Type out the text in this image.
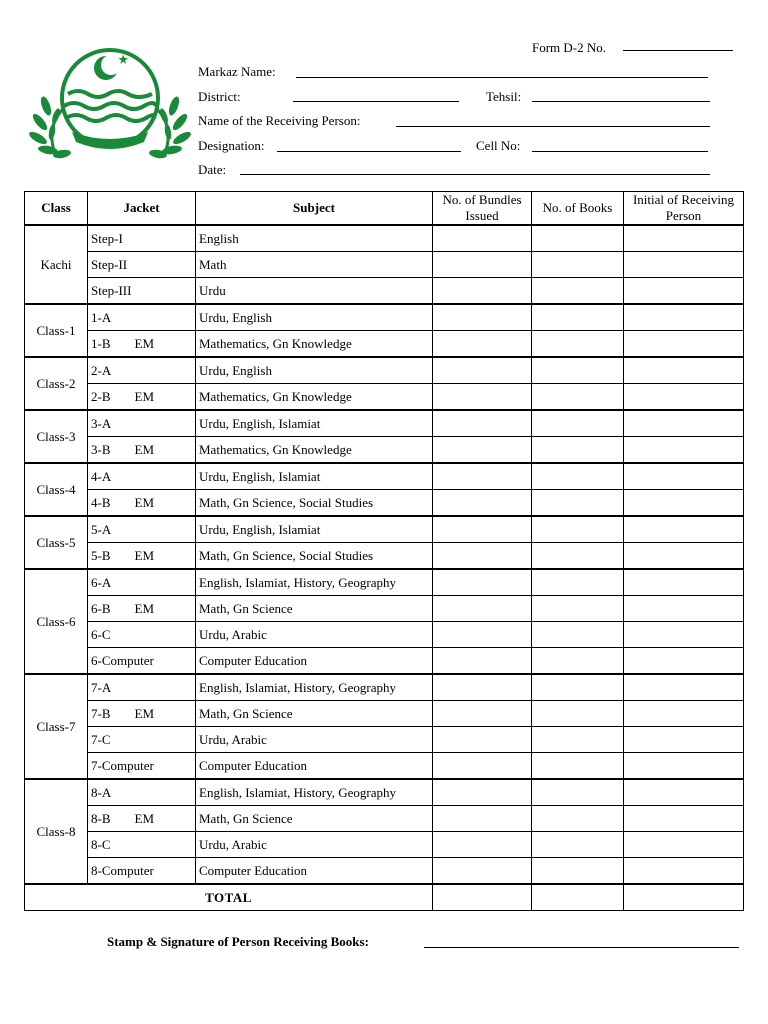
Form D-2 No.
Markaz Name:
District:	Tehsil:
Name of the Receiving Person:
Designation:	Cell No:
Date:
Class	Jacket	Subject	No. of Bundles Issued	No. of Books	Initial of Receiving Person
Kachi	Step-I	English			
	Step-II	Math			
	Step-III	Urdu			
Class-1	1-A	Urdu, English			
	1-B EM	Mathematics, Gn Knowledge			
Class-2	2-A	Urdu, English			
	2-B EM	Mathematics, Gn Knowledge			
Class-3	3-A	Urdu, English, Islamiat			
	3-B EM	Mathematics, Gn Knowledge			
Class-4	4-A	Urdu, English, Islamiat			
	4-B EM	Math, Gn Science, Social Studies			
Class-5	5-A	Urdu, English, Islamiat			
	5-B EM	Math, Gn Science, Social Studies			
Class-6	6-A	English, Islamiat, History, Geography			
	6-B EM	Math, Gn Science			
	6-C	Urdu, Arabic			
	6-Computer	Computer Education			
Class-7	7-A	English, Islamiat, History, Geography			
	7-B EM	Math, Gn Science			
	7-C	Urdu, Arabic			
	7-Computer	Computer Education			
Class-8	8-A	English, Islamiat, History, Geography			
	8-B EM	Math, Gn Science			
	8-C	Urdu, Arabic			
	8-Computer	Computer Education			
TOTAL					
Stamp & Signature of Person Receiving Books:
